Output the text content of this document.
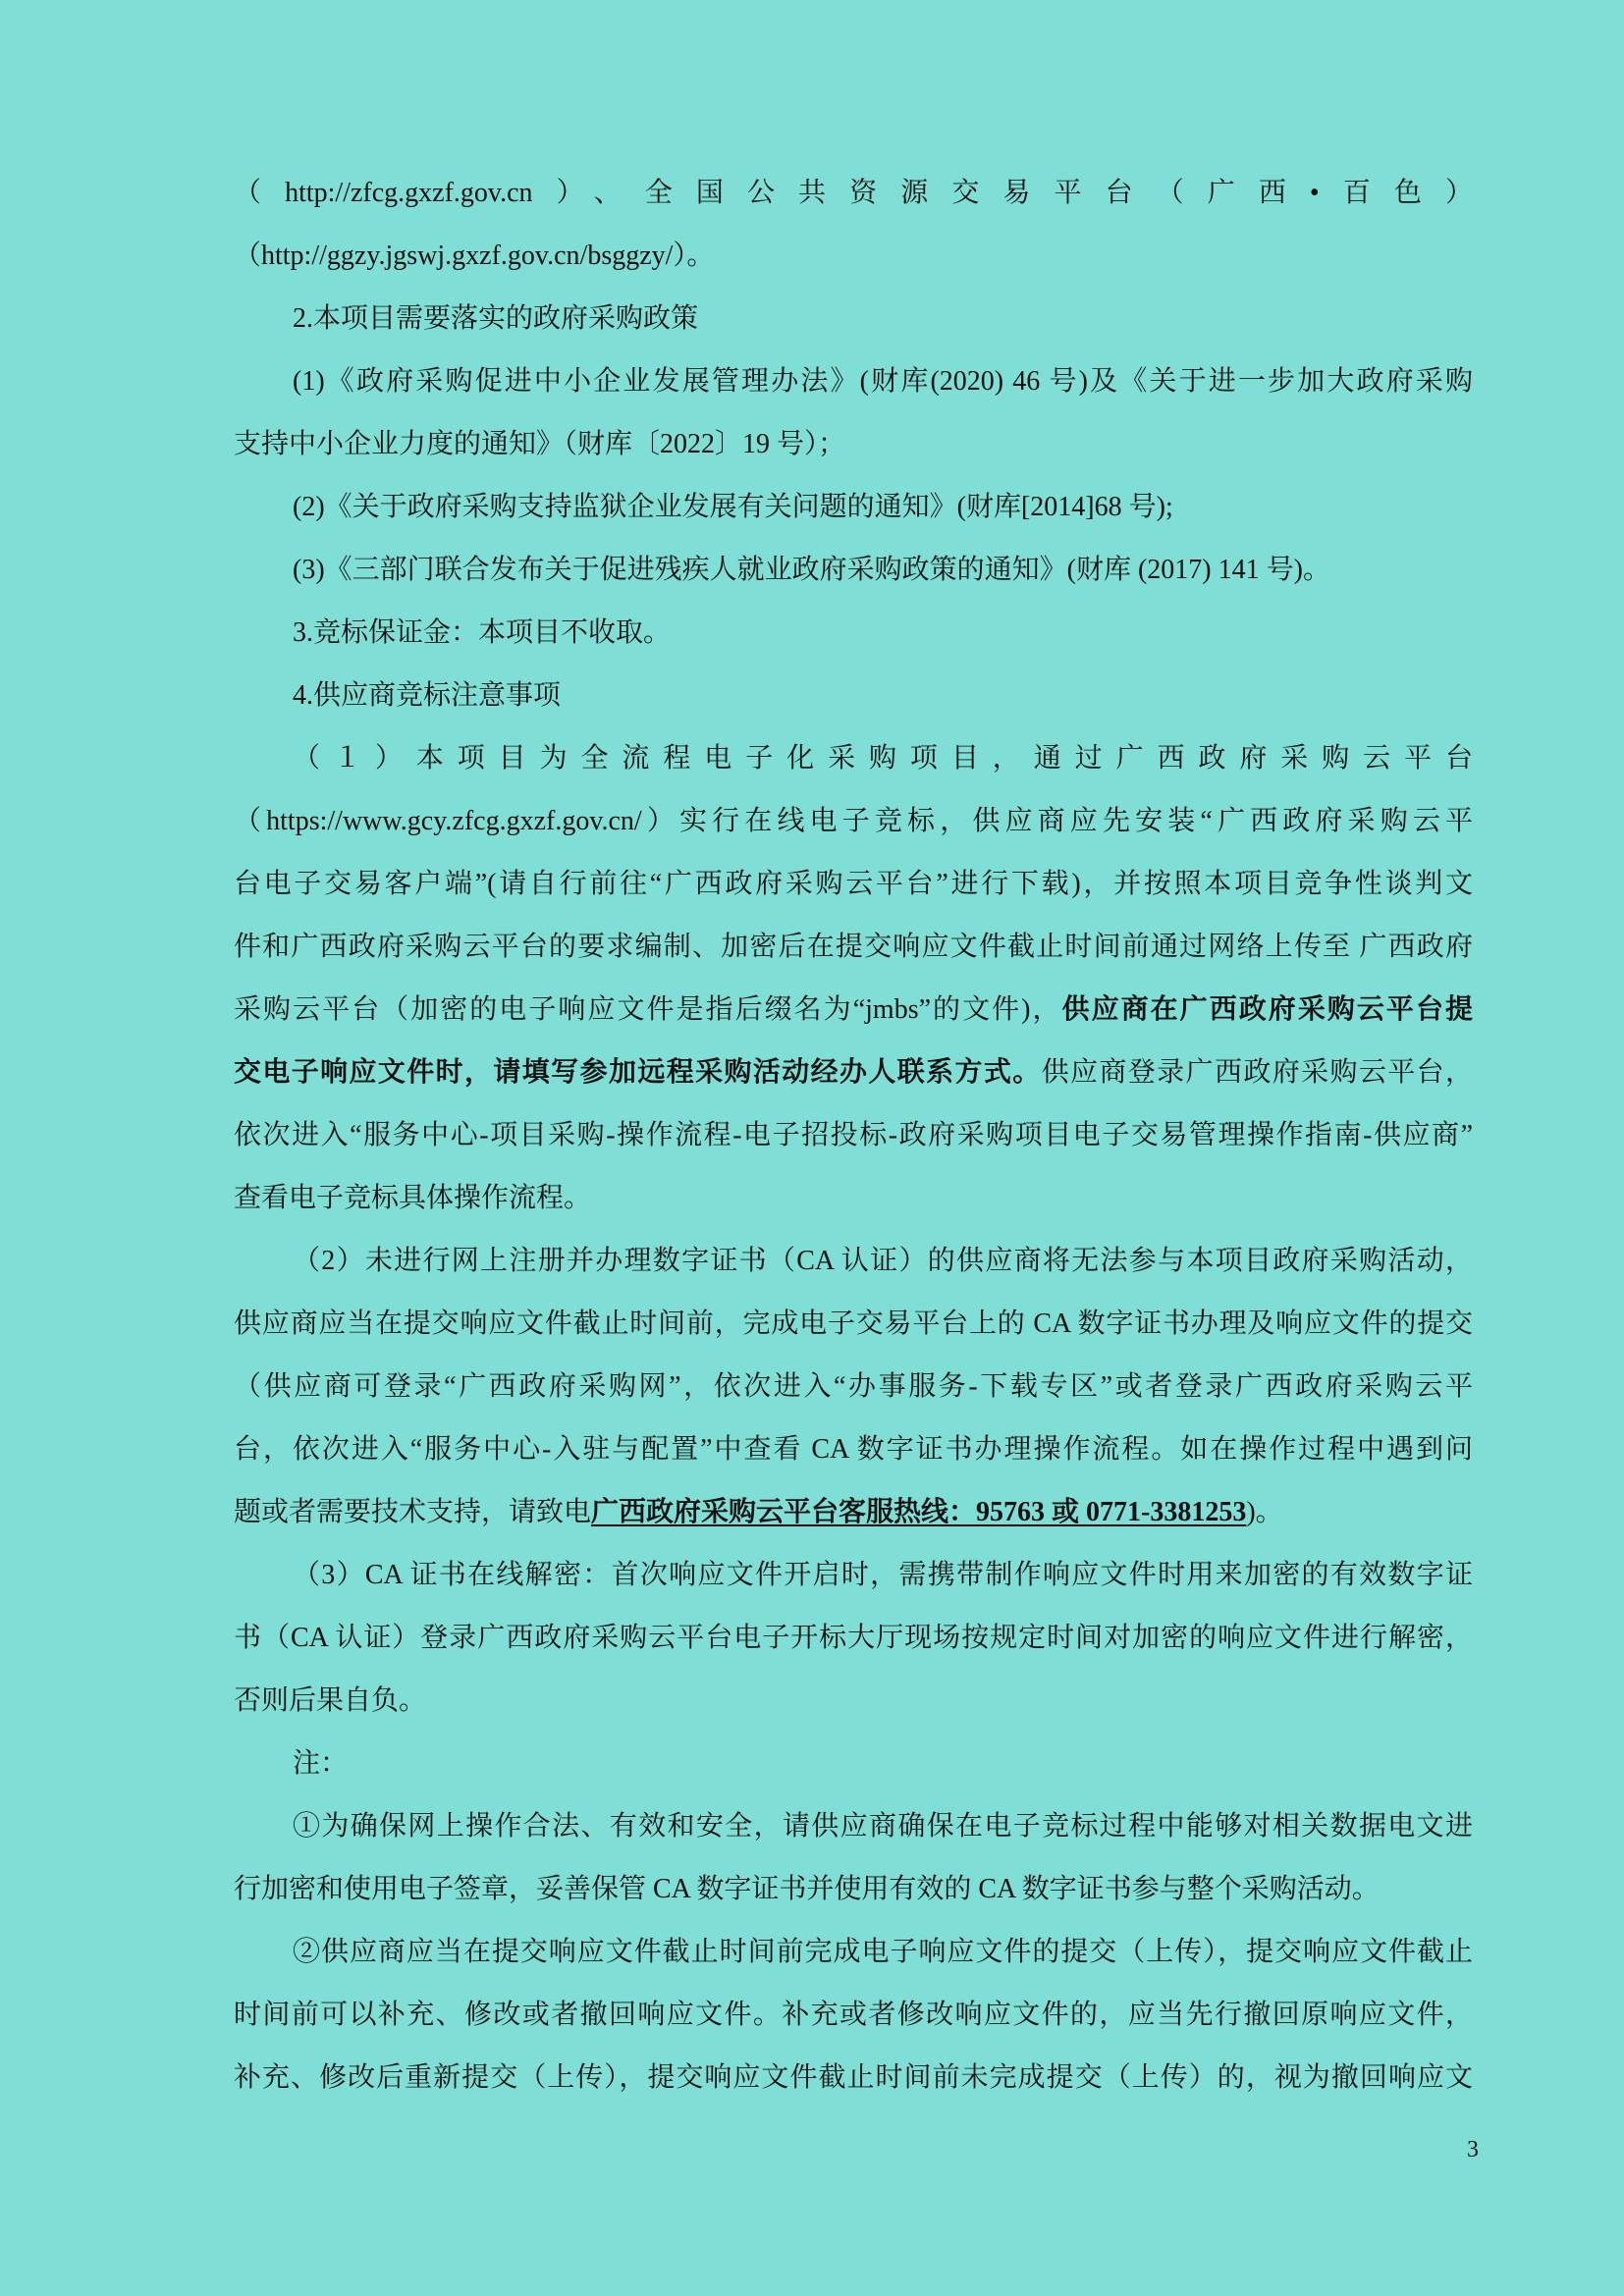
（http://zfcg.gxzf.gov.cn）、全国公共资源交易平台（广西•百色）
（http://ggzy.jgswj.gxzf.gov.cn/bsggzy/）。
2.本项目需要落实的政府采购政策
(1)《政府采购促进中小企业发展管理办法》(财库(2020) 46 号)及《关于进一步加大政府采购
支持中小企业力度的通知》（财库〔2022〕19 号）；
(2)《关于政府采购支持监狱企业发展有关问题的通知》(财库[2014]68 号);
(3)《三部门联合发布关于促进残疾人就业政府采购政策的通知》(财库 (2017) 141 号)。
3.竞标保证金：本项目不收取。
4.供应商竞标注意事项
（１）本项目为全流程电子化采购项目，通过广西政府采购云平台
（https://www.gcy.zfcg.gxzf.gov.cn/）实行在线电子竞标，供应商应先安装“广西政府采购云平
台电子交易客户端”(请自行前往“广西政府采购云平台”进行下载)，并按照本项目竞争性谈判文
件和广西政府采购云平台的要求编制、加密后在提交响应文件截止时间前通过网络上传至 广西政府
采购云平台（加密的电子响应文件是指后缀名为“jmbs”的文件)，供应商在广西政府采购云平台提
交电子响应文件时，请填写参加远程采购活动经办人联系方式。供应商登录广西政府采购云平台，
依次进入“服务中心-项目采购-操作流程-电子招投标-政府采购项目电子交易管理操作指南-供应商”
查看电子竞标具体操作流程。
（2）未进行网上注册并办理数字证书（CA 认证）的供应商将无法参与本项目政府采购活动，
供应商应当在提交响应文件截止时间前，完成电子交易平台上的 CA 数字证书办理及响应文件的提交
（供应商可登录“广西政府采购网”，依次进入“办事服务-下载专区”或者登录广西政府采购云平
台，依次进入“服务中心-入驻与配置”中查看 CA 数字证书办理操作流程。如在操作过程中遇到问
题或者需要技术支持，请致电广西政府采购云平台客服热线：95763 或 0771-3381253)。
（3）CA 证书在线解密：首次响应文件开启时，需携带制作响应文件时用来加密的有效数字证
书（CA 认证）登录广西政府采购云平台电子开标大厅现场按规定时间对加密的响应文件进行解密，
否则后果自负。
注：
①为确保网上操作合法、有效和安全，请供应商确保在电子竞标过程中能够对相关数据电文进
行加密和使用电子签章，妥善保管 CA 数字证书并使用有效的 CA 数字证书参与整个采购活动。
②供应商应当在提交响应文件截止时间前完成电子响应文件的提交（上传），提交响应文件截止
时间前可以补充、修改或者撤回响应文件。补充或者修改响应文件的，应当先行撤回原响应文件，
补充、修改后重新提交（上传），提交响应文件截止时间前未完成提交（上传）的，视为撤回响应文
3
